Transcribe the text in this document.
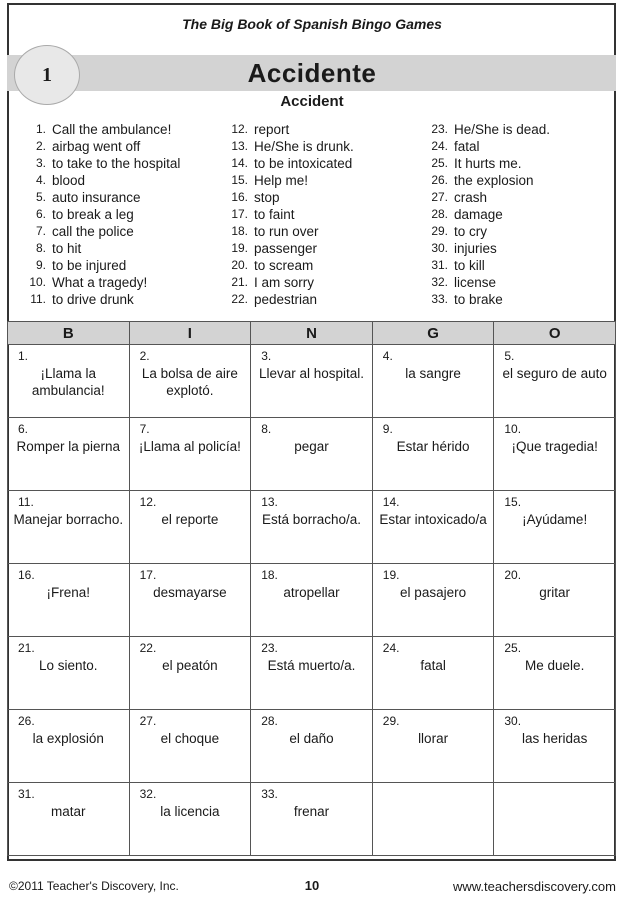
The Big Book of Spanish Bingo Games
1	Accidente
Accident
1. Call the ambulance!
2. airbag went off
3. to take to the hospital
4. blood
5. auto insurance
6. to break a leg
7. call the police
8. to hit
9. to be injured
10. What a tragedy!
11. to drive drunk
12. report
13. He/She is drunk.
14. to be intoxicated
15. Help me!
16. stop
17. to faint
18. to run over
19. passenger
20. to scream
21. I am sorry
22. pedestrian
23. He/She is dead.
24. fatal
25. It hurts me.
26. the explosion
27. crash
28. damage
29. to cry
30. injuries
31. to kill
32. license
33. to brake
B	I	N	G	O

1.
¡Llama la ambulancia!	2.
La bolsa de aire explotó.	3.
Llevar al hospital.	4.
la sangre	5.
el seguro de auto

6.
Romper la pierna	7.
¡Llama al policía!	8.
pegar	9.
Estar hérido	10.
¡Que tragedia!

11.
Manejar borracho.	12.
el reporte	13.
Está borracho/a.	14.
Estar intoxicado/a	15.
¡Ayúdame!

16.
¡Frena!	17.
desmayarse	18.
atropellar	19.
el pasajero	20.
gritar

21.
Lo siento.	22.
el peatón	23.
Está muerto/a.	24.
fatal	25.
Me duele.

26.
la explosión	27.
el choque	28.
el daño	29.
llorar	30.
las heridas

31.
matar	32.
la licencia	33.
frenar		

©2011 Teacher's Discovery, Inc.	10	www.teachersdiscovery.com
